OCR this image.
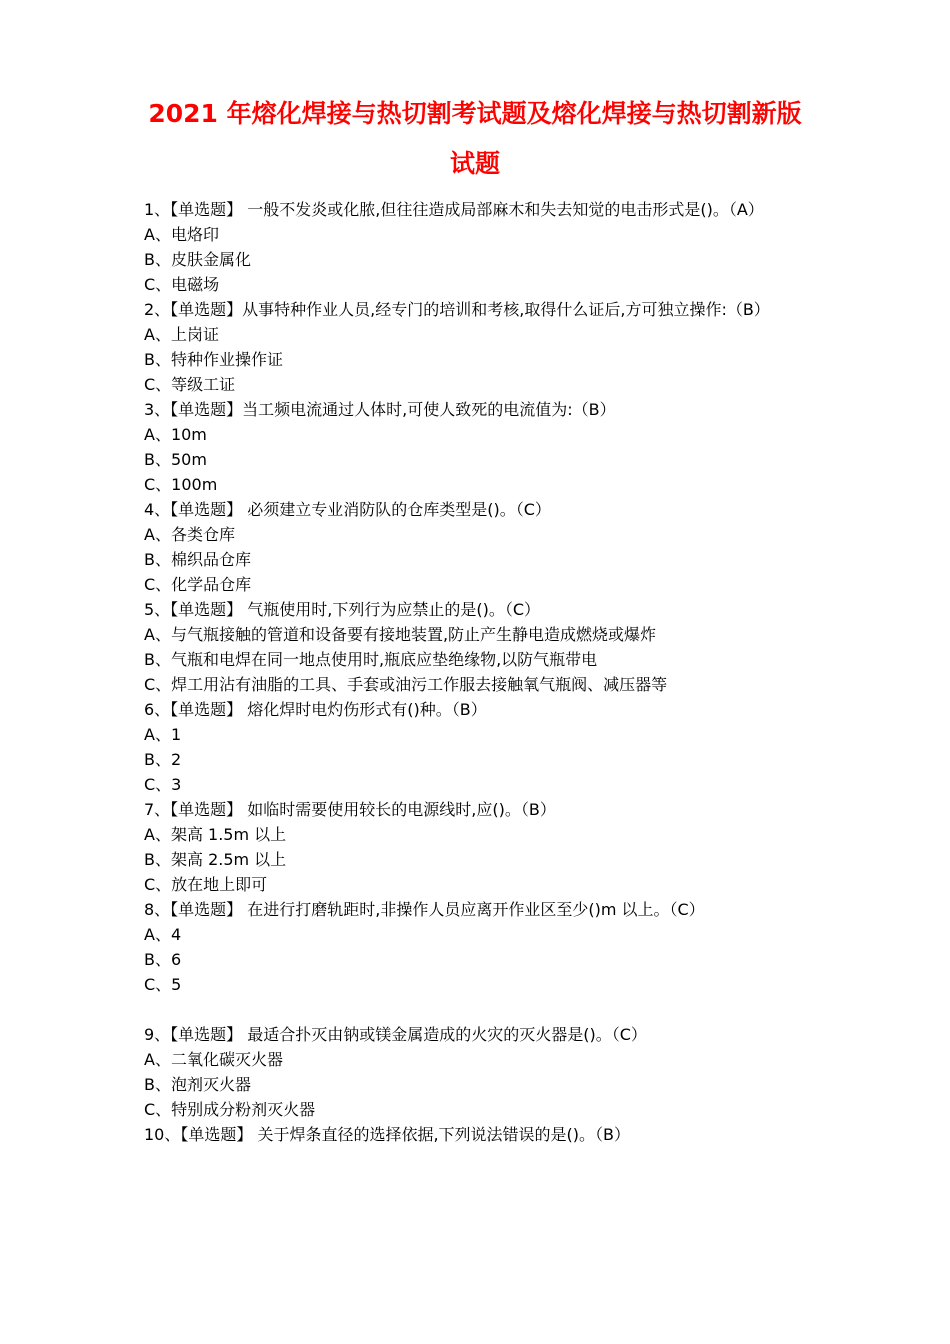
2021 年熔化焊接与热切割考试题及熔化焊接与热切割新版
试题
1、【单选题】 一般不发炎或化脓,但往往造成局部麻木和失去知觉的电击形式是()。（A）
A、电烙印
B、皮肤金属化
C、电磁场
2、【单选题】从事特种作业人员,经专门的培训和考核,取得什么证后,方可独立操作:（B）
A、上岗证
B、特种作业操作证
C、等级工证
3、【单选题】当工频电流通过人体时,可使人致死的电流值为:（B）
A、10m
B、50m
C、100m
4、【单选题】 必须建立专业消防队的仓库类型是()。（C）
A、各类仓库
B、棉织品仓库
C、化学品仓库
5、【单选题】 气瓶使用时,下列行为应禁止的是()。（C）
A、与气瓶接触的管道和设备要有接地装置,防止产生静电造成燃烧或爆炸
B、气瓶和电焊在同一地点使用时,瓶底应垫绝缘物,以防气瓶带电
C、焊工用沾有油脂的工具、手套或油污工作服去接触氧气瓶阀、减压器等
6、【单选题】 熔化焊时电灼伤形式有()种。（B）
A、1
B、2
C、3
7、【单选题】 如临时需要使用较长的电源线时,应()。（B）
A、架高 1.5m 以上
B、架高 2.5m 以上
C、放在地上即可
8、【单选题】 在进行打磨轨距时,非操作人员应离开作业区至少()m 以上。（C）
A、4
B、6
C、5
9、【单选题】 最适合扑灭由钠或镁金属造成的火灾的灭火器是()。（C）
A、二氧化碳灭火器
B、泡剂灭火器
C、特别成分粉剂灭火器
10、【单选题】 关于焊条直径的选择依据,下列说法错误的是()。（B）
